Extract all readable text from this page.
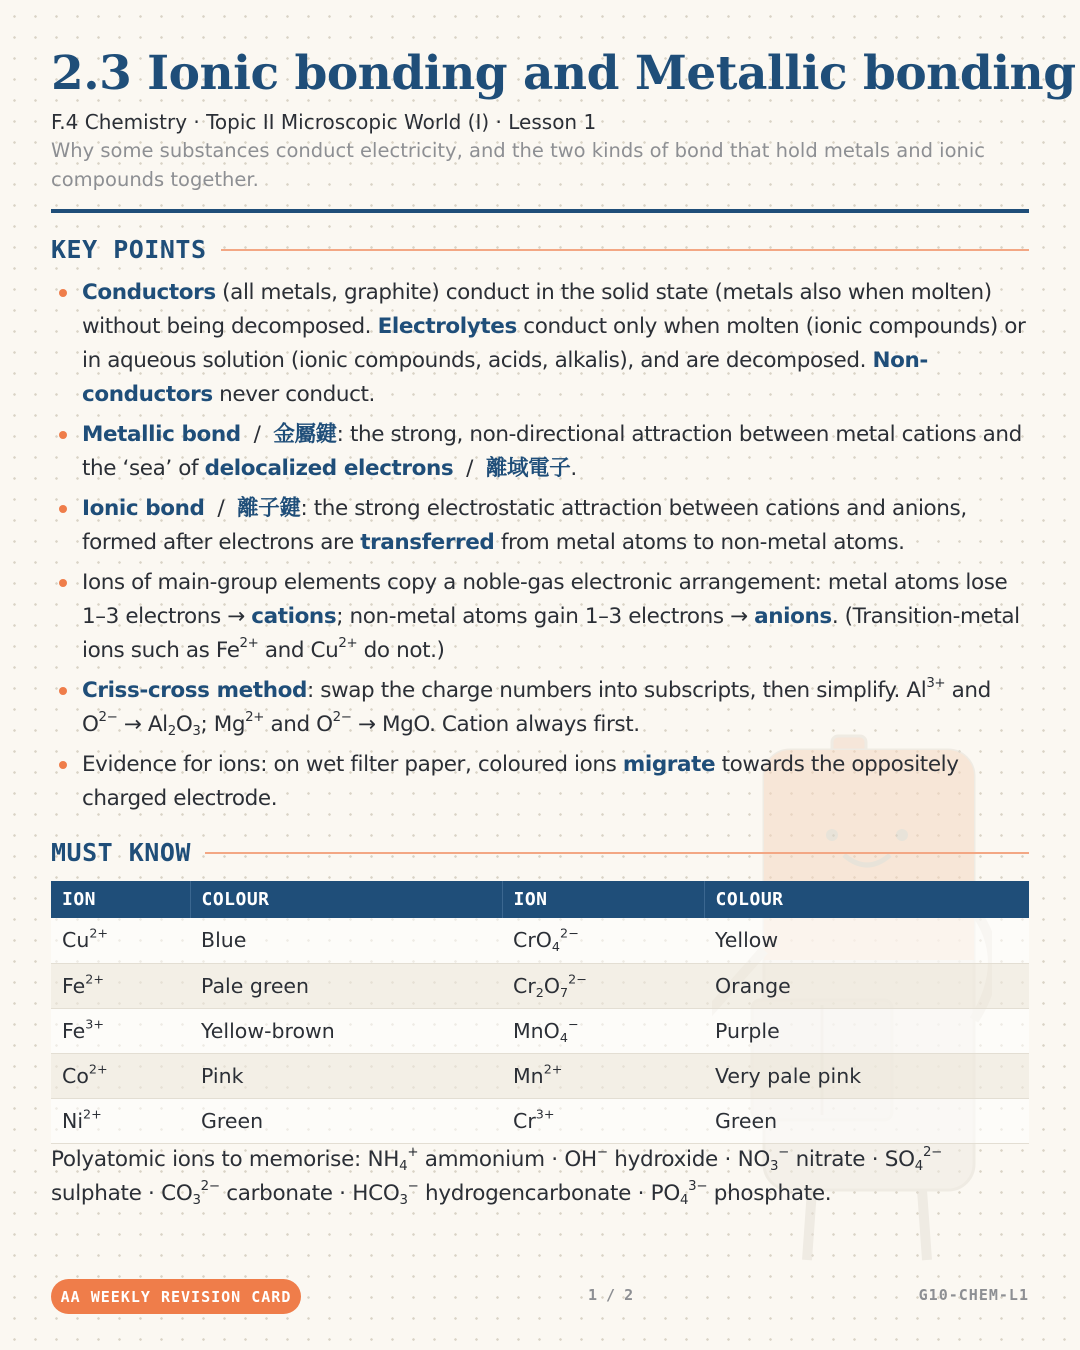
2.3 Ionic bonding and Metallic bonding
F.4 Chemistry · Topic II Microscopic World (I) · Lesson 1

Why some substances conduct electricity, and the two kinds of bond that hold metals and ionic compounds together.

KEY POINTS
Conductors (all metals, graphite) conduct in the solid state (metals also when molten) without being decomposed. Electrolytes conduct only when molten (ionic compounds) or in aqueous solution (ionic compounds, acids, alkalis), and are decomposed. Non-conductors never conduct.
Metallic bond  /  金屬鍵: the strong, non-directional attraction between metal cations and the ‘sea’ of delocalized electrons  /  離域電子.
Ionic bond  /  離子鍵: the strong electrostatic attraction between cations and anions, formed after electrons are transferred from metal atoms to non-metal atoms.
Ions of main-group elements copy a noble-gas electronic arrangement: metal atoms lose 1–3 electrons → cations; non-metal atoms gain 1–3 electrons → anions. (Transition-metal ions such as $Fe^{2+}$ and $Cu^{2+}$ do not.)
Criss-cross method: swap the charge numbers into subscripts, then simplify. $Al^{3+}$ and $O^{2-} \to Al_2O_3$; $Mg^{2+}$ and $O^{2-}$ → MgO. Cation always first.
Evidence for ions: on wet filter paper, coloured ions migrate towards the oppositely charged electrode.
MUST KNOW
ION	COLOUR	ION	COLOUR
$Cu^{2+}$	Blue	CrO$_4^{2-}$	Yellow
$Fe^{2+}$	Pale green	$Cr_2O_7^{2-}$	Orange
$Fe^{3+}$	Yellow-brown	MnO$_4$−	Purple
$Co^{2+}$	Pink	$Mn^{2+}$	Very pale pink
$Ni^{2+}$	Green	$Cr^{3+}$	Green

Polyatomic ions to memorise: $NH_4^+$ ammonium · OH− hydroxide · $NO_3^-$ nitrate · $SO_4^{2-}$ sulphate · $CO_3^{2-}$ carbonate · $HCO_3^-$ hydrogencarbonate · $PO_4^{3-}$ phosphate.

AA WEEKLY REVISION CARD	1 / 2	G10-CHEM-L1
